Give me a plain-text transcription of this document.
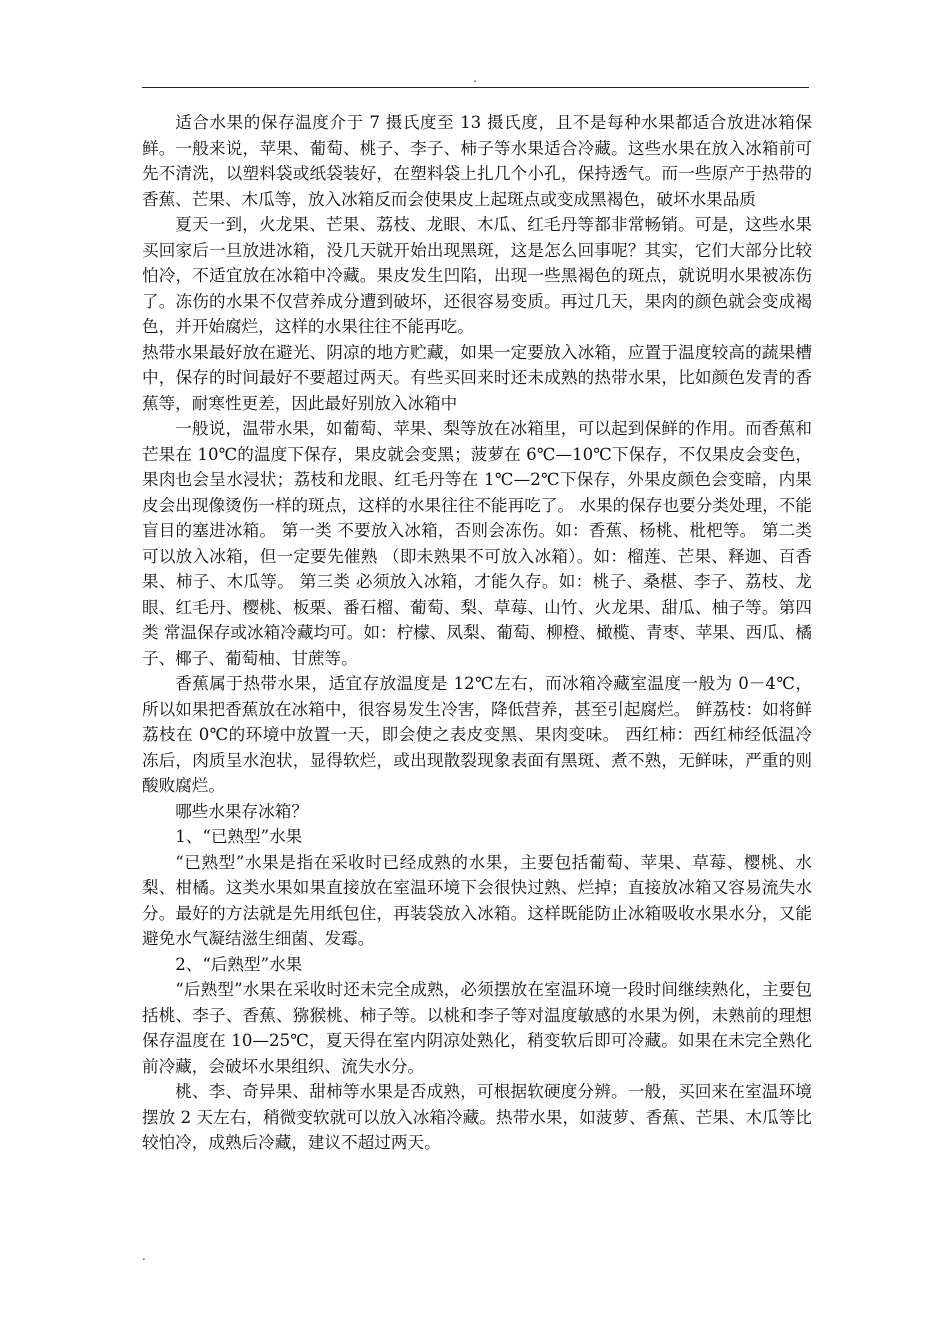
.

适合水果的保存温度介于 7 摄氏度至 13 摄氏度，且不是每种水果都适合放进冰箱保鲜。一般来说，苹果、葡萄、桃子、李子、柿子等水果适合冷藏。这些水果在放入冰箱前可先不清洗，以塑料袋或纸袋装好，在塑料袋上扎几个小孔，保持透气。而一些原产于热带的香蕉、芒果、木瓜等，放入冰箱反而会使果皮上起斑点或变成黑褐色，破坏水果品质

夏天一到，火龙果、芒果、荔枝、龙眼、木瓜、红毛丹等都非常畅销。可是，这些水果买回家后一旦放进冰箱，没几天就开始出现黑斑，这是怎么回事呢？其实，它们大部分比较怕冷，不适宜放在冰箱中冷藏。果皮发生凹陷，出现一些黑褐色的斑点，就说明水果被冻伤了。冻伤的水果不仅营养成分遭到破坏，还很容易变质。再过几天，果肉的颜色就会变成褐色，并开始腐烂，这样的水果往往不能再吃。

热带水果最好放在避光、阴凉的地方贮藏，如果一定要放入冰箱，应置于温度较高的蔬果槽中，保存的时间最好不要超过两天。有些买回来时还未成熟的热带水果，比如颜色发青的香蕉等，耐寒性更差，因此最好别放入冰箱中

一般说，温带水果，如葡萄、苹果、梨等放在冰箱里，可以起到保鲜的作用。而香蕉和芒果在 10℃的温度下保存，果皮就会变黑；菠萝在 6℃—10℃下保存，不仅果皮会变色，果肉也会呈水浸状；荔枝和龙眼、红毛丹等在 1℃—2℃下保存，外果皮颜色会变暗，内果皮会出现像烫伤一样的斑点，这样的水果往往不能再吃了。 水果的保存也要分类处理，不能盲目的塞进冰箱。 第一类 不要放入冰箱，否则会冻伤。如：香蕉、杨桃、枇杷等。 第二类 可以放入冰箱，但一定要先催熟 （即未熟果不可放入冰箱）。如：榴莲、芒果、释迦、百香果、柿子、木瓜等。 第三类 必须放入冰箱，才能久存。如：桃子、桑椹、李子、荔枝、龙眼、红毛丹、樱桃、板栗、番石榴、葡萄、梨、草莓、山竹、火龙果、甜瓜、柚子等。第四类 常温保存或冰箱冷藏均可。如：柠檬、凤梨、葡萄、柳橙、橄榄、青枣、苹果、西瓜、橘子、椰子、葡萄柚、甘蔗等。

香蕉属于热带水果，适宜存放温度是 12℃左右，而冰箱冷藏室温度一般为 0－4℃，所以如果把香蕉放在冰箱中，很容易发生冷害，降低营养，甚至引起腐烂。 鲜荔枝：如将鲜荔枝在 0℃的环境中放置一天，即会使之表皮变黑、果肉变味。 西红柿：西红柿经低温冷冻后，肉质呈水泡状，显得软烂，或出现散裂现象表面有黑斑、煮不熟，无鲜味，严重的则酸败腐烂。

哪些水果存冰箱？

1、“已熟型”水果

“已熟型”水果是指在采收时已经成熟的水果，主要包括葡萄、苹果、草莓、樱桃、水梨、柑橘。这类水果如果直接放在室温环境下会很快过熟、烂掉；直接放冰箱又容易流失水分。最好的方法就是先用纸包住，再装袋放入冰箱。这样既能防止冰箱吸收水果水分，又能避免水气凝结滋生细菌、发霉。

2、“后熟型”水果

“后熟型”水果在采收时还未完全成熟，必须摆放在室温环境一段时间继续熟化，主要包括桃、李子、香蕉、猕猴桃、柿子等。以桃和李子等对温度敏感的水果为例，未熟前的理想保存温度在 10—25℃，夏天得在室内阴凉处熟化，稍变软后即可冷藏。如果在未完全熟化前冷藏，会破坏水果组织、流失水分。

桃、李、奇异果、甜柿等水果是否成熟，可根据软硬度分辨。一般，买回来在室温环境摆放 2 天左右，稍微变软就可以放入冰箱冷藏。热带水果，如菠萝、香蕉、芒果、木瓜等比较怕冷，成熟后冷藏，建议不超过两天。

.
